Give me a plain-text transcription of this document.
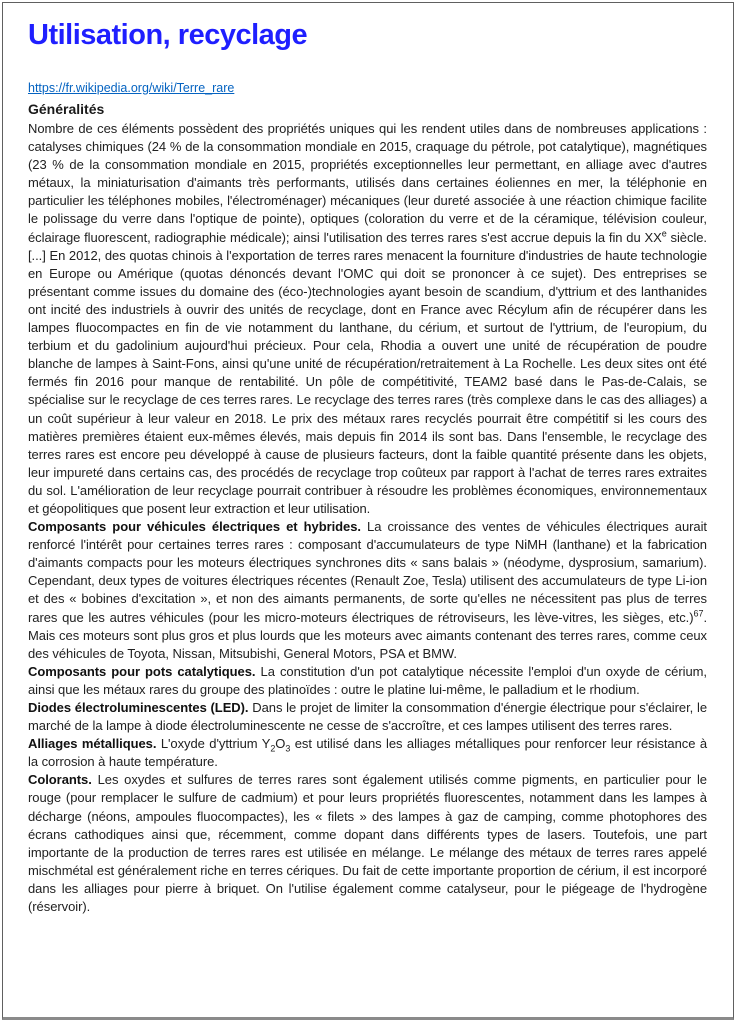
Utilisation, recyclage
https://fr.wikipedia.org/wiki/Terre_rare
Généralités

Nombre de ces éléments possèdent des propriétés uniques qui les rendent utiles dans de nombreuses applications : catalyses chimiques (24 % de la consommation mondiale en 2015, craquage du pétrole, pot catalytique), magnétiques (23 % de la consommation mondiale en 2015, propriétés exceptionnelles leur permettant, en alliage avec d'autres métaux, la miniaturisation d'aimants très performants, utilisés dans certaines éoliennes en mer, la téléphonie en particulier les téléphones mobiles, l'électroménager) mécaniques (leur dureté associée à une réaction chimique facilite le polissage du verre dans l'optique de pointe), optiques (coloration du verre et de la céramique, télévision couleur, éclairage fluorescent, radiographie médicale); ainsi l'utilisation des terres rares s'est accrue depuis la fin du XXe siècle. [...] En 2012, des quotas chinois à l'exportation de terres rares menacent la fourniture d'industries de haute technologie en Europe ou Amérique (quotas dénoncés devant l'OMC qui doit se prononcer à ce sujet). Des entreprises se présentant comme issues du domaine des (éco-)technologies ayant besoin de scandium, d'yttrium et des lanthanides ont incité des industriels à ouvrir des unités de recyclage, dont en France avec Récylum afin de récupérer dans les lampes fluocompactes en fin de vie notamment du lanthane, du cérium, et surtout de l'yttrium, de l'europium, du terbium et du gadolinium aujourd'hui précieux. Pour cela, Rhodia a ouvert une unité de récupération de poudre blanche de lampes à Saint-Fons, ainsi qu'une unité de récupération/retraitement à La Rochelle. Les deux sites ont été fermés fin 2016 pour manque de rentabilité. Un pôle de compétitivité, TEAM2 basé dans le Pas-de-Calais, se spécialise sur le recyclage de ces terres rares. Le recyclage des terres rares (très complexe dans le cas des alliages) a un coût supérieur à leur valeur en 2018. Le prix des métaux rares recyclés pourrait être compétitif si les cours des matières premières étaient eux-mêmes élevés, mais depuis fin 2014 ils sont bas. Dans l'ensemble, le recyclage des terres rares est encore peu développé à cause de plusieurs facteurs, dont la faible quantité présente dans les objets, leur impureté dans certains cas, des procédés de recyclage trop coûteux par rapport à l'achat de terres rares extraites du sol. L'amélioration de leur recyclage pourrait contribuer à résoudre les problèmes économiques, environnementaux et géopolitiques que posent leur extraction et leur utilisation.

Composants pour véhicules électriques et hybrides. La croissance des ventes de véhicules électriques aurait renforcé l'intérêt pour certaines terres rares : composant d'accumulateurs de type NiMH (lanthane) et la fabrication d'aimants compacts pour les moteurs électriques synchrones dits « sans balais » (néodyme, dysprosium, samarium). Cependant, deux types de voitures électriques récentes (Renault Zoe, Tesla) utilisent des accumulateurs de type Li-ion et des « bobines d'excitation », et non des aimants permanents, de sorte qu'elles ne nécessitent pas plus de terres rares que les autres véhicules (pour les micro-moteurs électriques de rétroviseurs, les lève-vitres, les sièges, etc.)$^{67}$. Mais ces moteurs sont plus gros et plus lourds que les moteurs avec aimants contenant des terres rares, comme ceux des véhicules de Toyota, Nissan, Mitsubishi, General Motors, PSA et BMW.

Composants pour pots catalytiques. La constitution d'un pot catalytique nécessite l'emploi d'un oxyde de cérium, ainsi que les métaux rares du groupe des platinoïdes : outre le platine lui-même, le palladium et le rhodium.

Diodes électroluminescentes (LED). Dans le projet de limiter la consommation d'énergie électrique pour s'éclairer, le marché de la lampe à diode électroluminescente ne cesse de s'accroître, et ces lampes utilisent des terres rares.

Alliages métalliques. L'oxyde d'yttrium $Y_2O_3$ est utilisé dans les alliages métalliques pour renforcer leur résistance à la corrosion à haute température.

Colorants. Les oxydes et sulfures de terres rares sont également utilisés comme pigments, en particulier pour le rouge (pour remplacer le sulfure de cadmium) et pour leurs propriétés fluorescentes, notamment dans les lampes à décharge (néons, ampoules fluocompactes), les « filets » des lampes à gaz de camping, comme photophores des écrans cathodiques ainsi que, récemment, comme dopant dans différents types de lasers. Toutefois, une part importante de la production de terres rares est utilisée en mélange. Le mélange des métaux de terres rares appelé mischmétal est généralement riche en terres cériques. Du fait de cette importante proportion de cérium, il est incorporé dans les alliages pour pierre à briquet. On l'utilise également comme catalyseur, pour le piégeage de l'hydrogène (réservoir).
